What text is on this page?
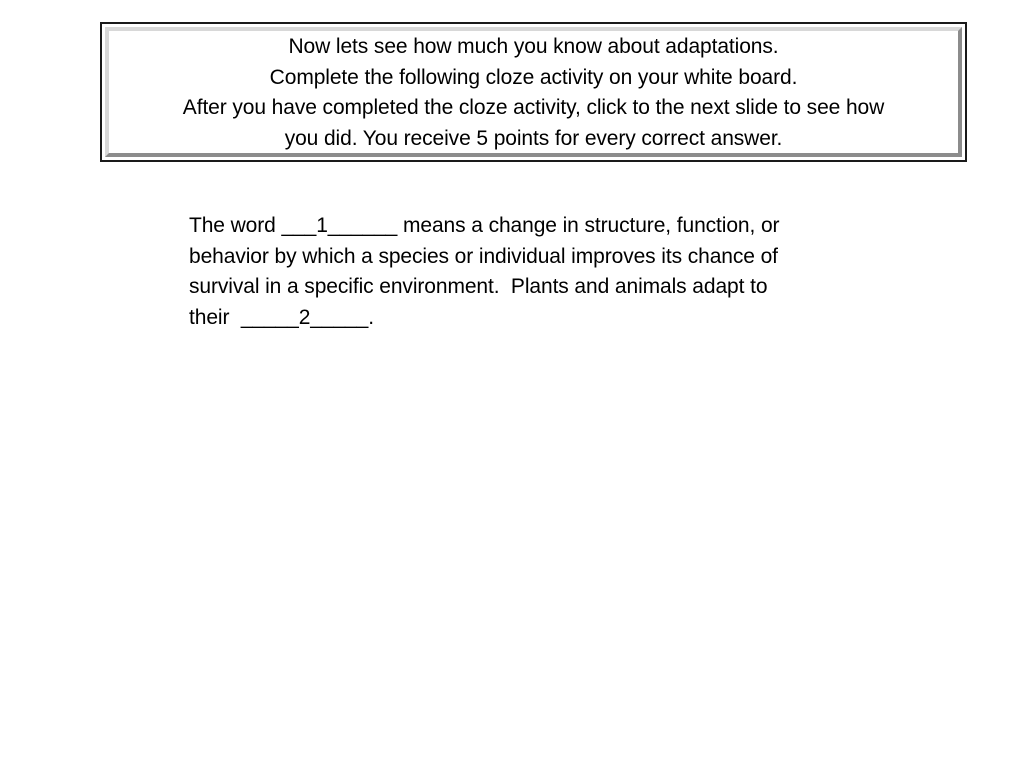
Now lets see how much you know about adaptations.
Complete the following cloze activity on your white board.
After you have completed the cloze activity, click to the next slide to see how
you did. You receive 5 points for every correct answer.
The word ___1______ means a change in structure, function, or
behavior by which a species or individual improves its chance of
survival in a specific environment.  Plants and animals adapt to
their  _____2_____.
